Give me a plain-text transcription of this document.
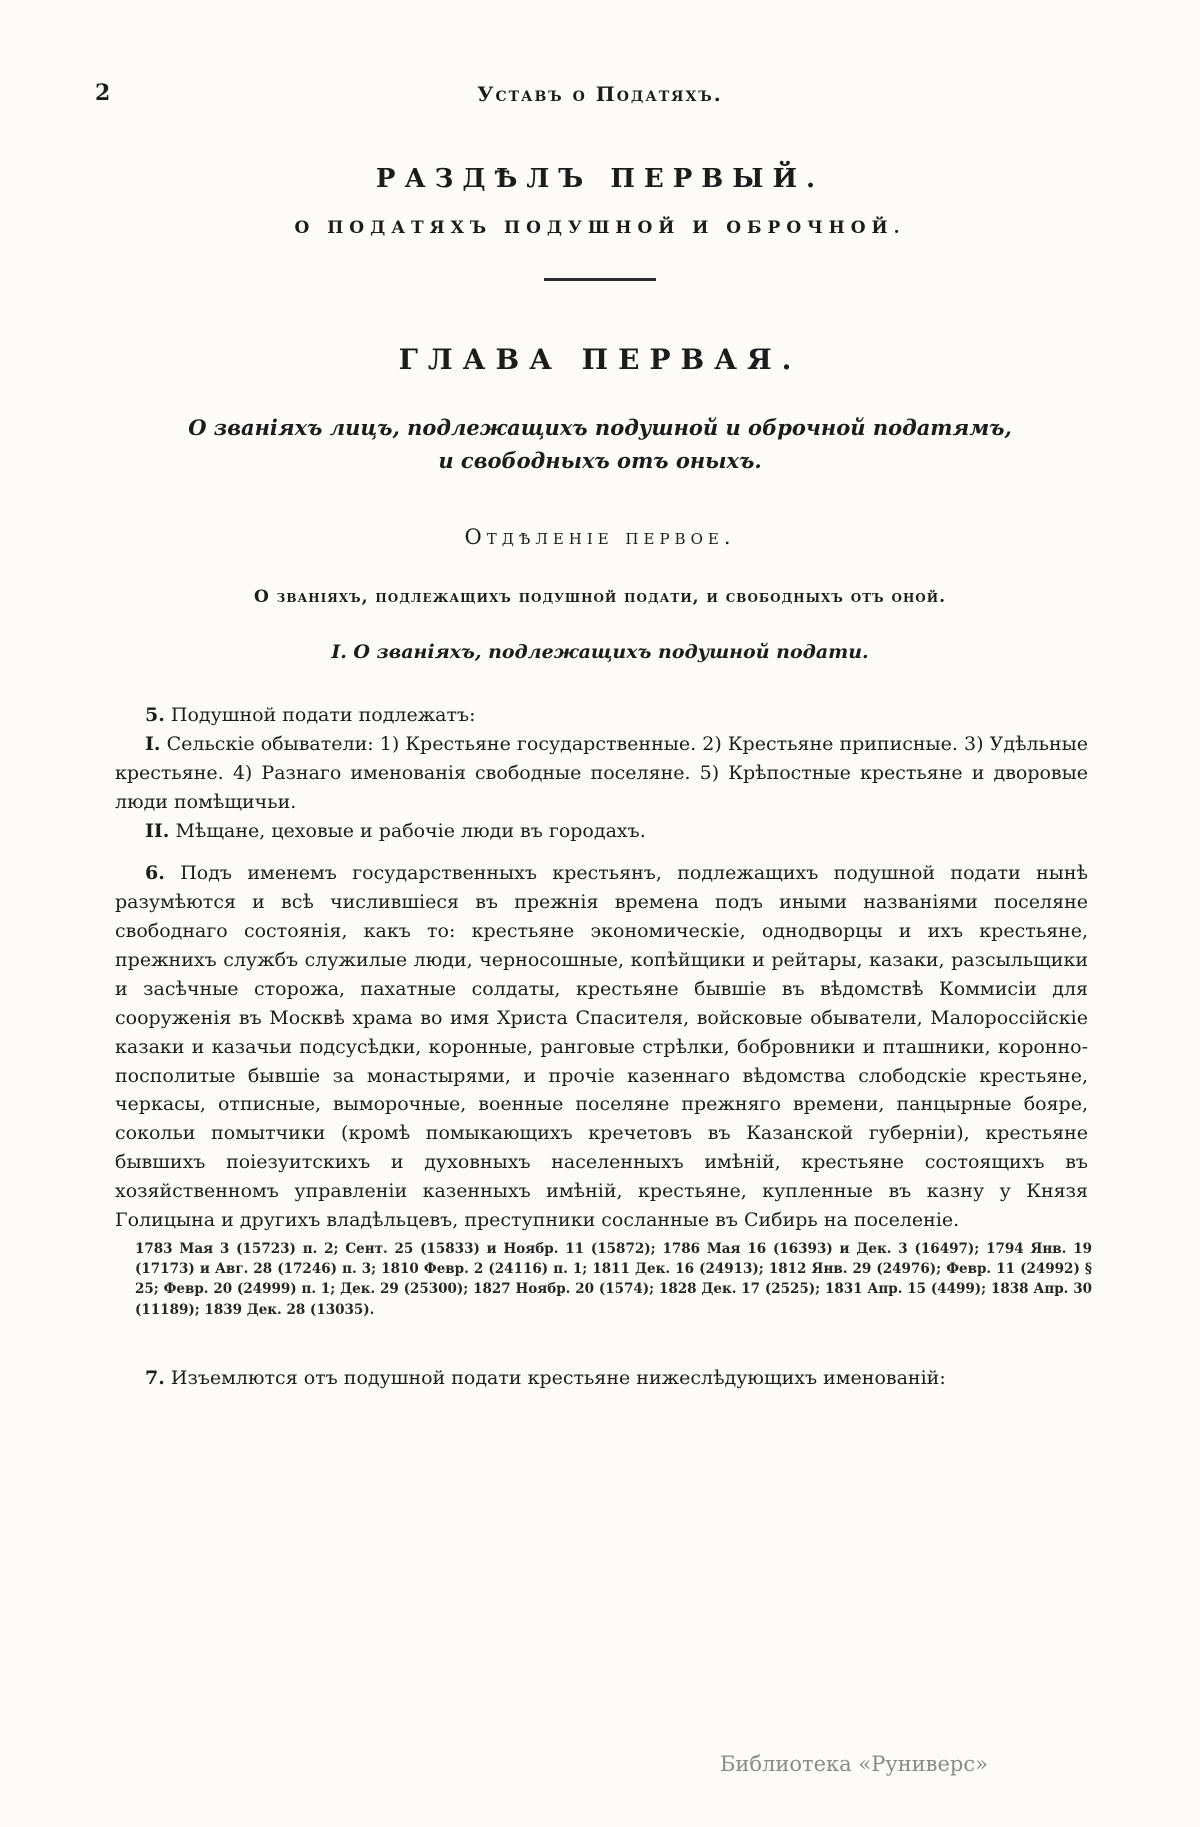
2	Уставъ о Податяхъ.
РАЗДѢЛЪ ПЕРВЫЙ.
О ПОДАТЯХЪ ПОДУШНОЙ И ОБРОЧНОЙ.
ГЛАВА ПЕРВАЯ.
О званіяхъ лицъ, подлежащихъ подушной и оброчной податямъ,
и свободныхъ отъ оныхъ.
Отдѣленіе первое.
О званіяхъ, подлежащихъ подушной подати, и свободныхъ отъ оной.
I. О званіяхъ, подлежащихъ подушной подати.

5. Подушной подати подлежатъ:

I. Сельскіе обыватели: 1) Крестьяне государственные. 2) Крестьяне приписные. 3) Удѣльные крестьяне. 4) Разнаго именованія свободные поселяне. 5) Крѣпостные крестьяне и дворовые люди помѣщичьи.

II. Мѣщане, цеховые и рабочіе люди въ городахъ.

6. Подъ именемъ государственныхъ крестьянъ, подлежащихъ подушной подати нынѣ разумѣются и всѣ числившіеся въ прежнія времена подъ иными названіями поселяне свободнаго состоянія, какъ то: крестьяне экономическіе, однодворцы и ихъ крестьяне, прежнихъ службъ служилые люди, черносошные, копѣйщики и рейтары, казаки, разсыльщики и засѣчные сторожа, пахатные солдаты, крестьяне бывшіе въ вѣдомствѣ Коммисіи для сооруженія въ Москвѣ храма во имя Христа Спасителя, войсковые обыватели, Малороссійскіе казаки и казачьи подсусѣдки, коронные, ранговые стрѣлки, бобровники и пташники, коронно-посполитые бывшіе за монастырями, и прочіе казеннаго вѣдомства слободскіе крестьяне, черкасы, отписные, выморочные, военные поселяне прежняго времени, панцырные бояре, сокольи помытчики (кромѣ помыкающихъ кречетовъ въ Казанской губерніи), крестьяне бывшихъ поіезуитскихъ и духовныхъ населенныхъ имѣній, крестьяне состоящихъ въ хозяйственномъ управленіи казенныхъ имѣній, крестьяне, купленные въ казну у Князя Голицына и другихъ владѣльцевъ, преступники сосланные въ Сибирь на поселеніе.

1783 Мая 3 (15723) п. 2; Сент. 25 (15833) и Ноябр. 11 (15872); 1786 Мая 16 (16393) и Дек. 3 (16497); 1794 Янв. 19 (17173) и Авг. 28 (17246) п. 3; 1810 Февр. 2 (24116) п. 1; 1811 Дек. 16 (24913); 1812 Янв. 29 (24976); Февр. 11 (24992) § 25; Февр. 20 (24999) п. 1; Дек. 29 (25300); 1827 Ноябр. 20 (1574); 1828 Дек. 17 (2525); 1831 Апр. 15 (4499); 1838 Апр. 30 (11189); 1839 Дек. 28 (13035).

7. Изъемлются отъ подушной подати крестьяне нижеслѣдующихъ именованій:

Библиотека «Руниверс»
